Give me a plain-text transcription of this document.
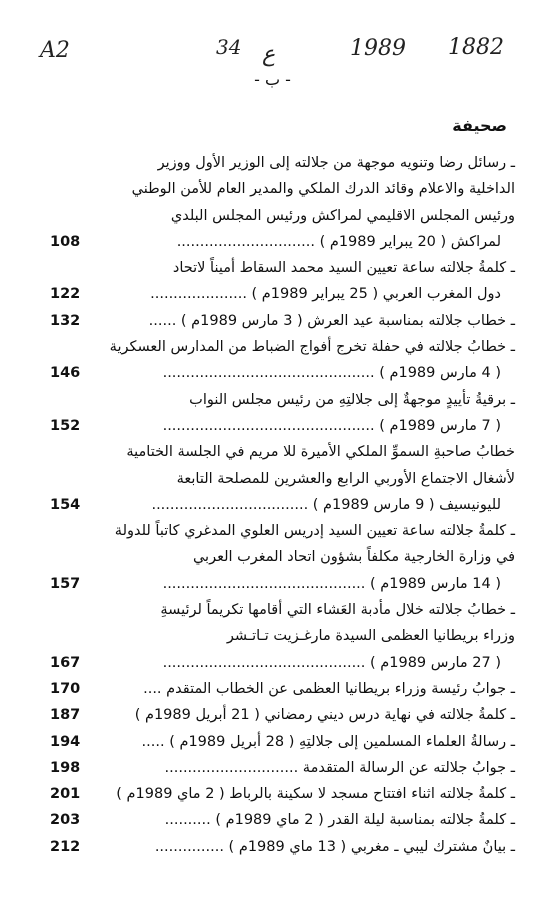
A2	34 ع	1989 1882
- ب -
صحيفة
ـ رسائل رضا وتنويه موجهة من جلالته إلى الوزير الأول ووزير
الداخلية والاعلام وقائد الدرك الملكي والمدير العام للأمن الوطني
ورئيس المجلس الاقليمي لمراكش ورئيس المجلس البلدي
لمراكش ( 20 يبراير 1989م ) ..............................
108
ـ كلمةُ جلالته ساعة تعيين السيد محمد السقاط أميناً لاتحاد
دول المغرب العربي ( 25 يبراير 1989م ) .....................
122
ـ خطاب جلالته بمناسبة عيد العرش ( 3 مارس 1989م ) ......
132
ـ خطابُ جلالته في حفلة تخرج أفواج الضباط من المدارس العسكرية
( 4 مارس 1989م ) ..............................................
146
ـ برقيةُ تأييدٍ موجهةٌ إلى جلالتِهِ من رئيس مجلس النواب
( 7 مارس 1989م ) ..............................................
152
خطابُ صاحبةِ السموِّ الملكي الأميرة للا مريم في الجلسة الختامية
لأشغال الاجتماع الأوربي الرابع والعشرين للمصلحة التابعة
لليونيسيف ( 9 مارس 1989م ) ..................................
154
ـ كلمةُ جلالته ساعة تعيين السيد إدريس العلوي المدغري كاتباً للدولة
في وزارة الخارجية مكلفاً بشؤون اتحاد المغرب العربي
( 14 مارس 1989م ) ............................................
157
ـ خطابُ جلالته خلال مأدبة العَشاء التي أقامها تكريماً لرئيسةِ
وزراء بريطانيا العظمى السيدة مارغـزيت تـاتـشر
( 27 مارس 1989م ) ............................................
167
ـ جوابُ رئيسة وزراء بريطانيا العظمى عن الخطاب المتقدم ....
170
ـ كلمةُ جلالته في نهاية درس ديني رمضاني ( 21 أبريل 1989م )
187
ـ رسالةُ العلماء المسلمين إلى جلالتِهِ ( 28 أبريل 1989م ) .....
194
ـ جوابُ جلالته عن الرسالة المتقدمة .............................
198
ـ كلمةُ جلالته اثناء افتتاح مسجد لا سكينة بالرباط ( 2 ماي 1989م )
201
ـ كلمةُ جلالته بمناسبة ليلة القدر ( 2 ماي 1989م ) ..........
203
ـ بيانٌ مشترك ليبي ـ مغربي ( 13 ماي 1989م ) ...............
212
